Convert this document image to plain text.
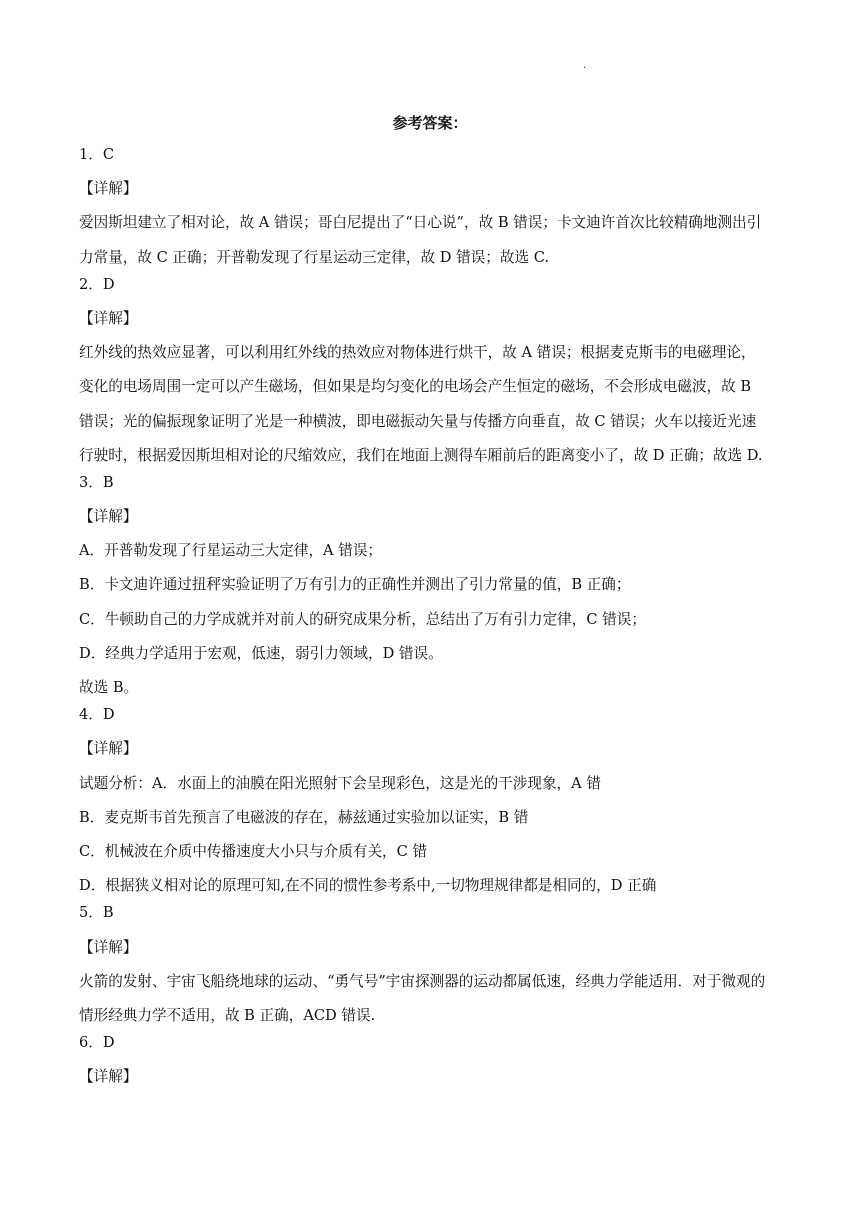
·
参考答案：
1．C
【详解】
爱因斯坦建立了相对论，故 A 错误；哥白尼提出了“日心说”，故 B 错误；卡文迪许首次比较精确地测出引
力常量，故 C 正确；开普勒发现了行星运动三定律，故 D 错误；故选 C.
2．D
【详解】
红外线的热效应显著，可以利用红外线的热效应对物体进行烘干，故 A 错误；根据麦克斯韦的电磁理论，
变化的电场周围一定可以产生磁场，但如果是均匀变化的电场会产生恒定的磁场，不会形成电磁波，故 B
错误；光的偏振现象证明了光是一种横波，即电磁振动矢量与传播方向垂直，故 C 错误；火车以接近光速
行驶时，根据爱因斯坦相对论的尺缩效应，我们在地面上测得车厢前后的距离变小了，故 D 正确；故选 D.
3．B
【详解】
A．开普勒发现了行星运动三大定律，A 错误；
B．卡文迪许通过扭秤实验证明了万有引力的正确性并测出了引力常量的值，B 正确；
C．牛顿助自己的力学成就并对前人的研究成果分析，总结出了万有引力定律，C 错误；
D．经典力学适用于宏观，低速，弱引力领域，D 错误。
故选 B。
4．D
【详解】
试题分析：A．水面上的油膜在阳光照射下会呈现彩色，这是光的干涉现象，A 错
B．麦克斯韦首先预言了电磁波的存在，赫兹通过实验加以证实，B 错
C．机械波在介质中传播速度大小只与介质有关，C 错
D．根据狭义相对论的原理可知,在不同的惯性参考系中,一切物理规律都是相同的，D 正确
5．B
【详解】
火箭的发射、宇宙飞船绕地球的运动、“勇气号”宇宙探测器的运动都属低速，经典力学能适用．对于微观的
情形经典力学不适用，故 B 正确，ACD 错误.
6．D
【详解】
